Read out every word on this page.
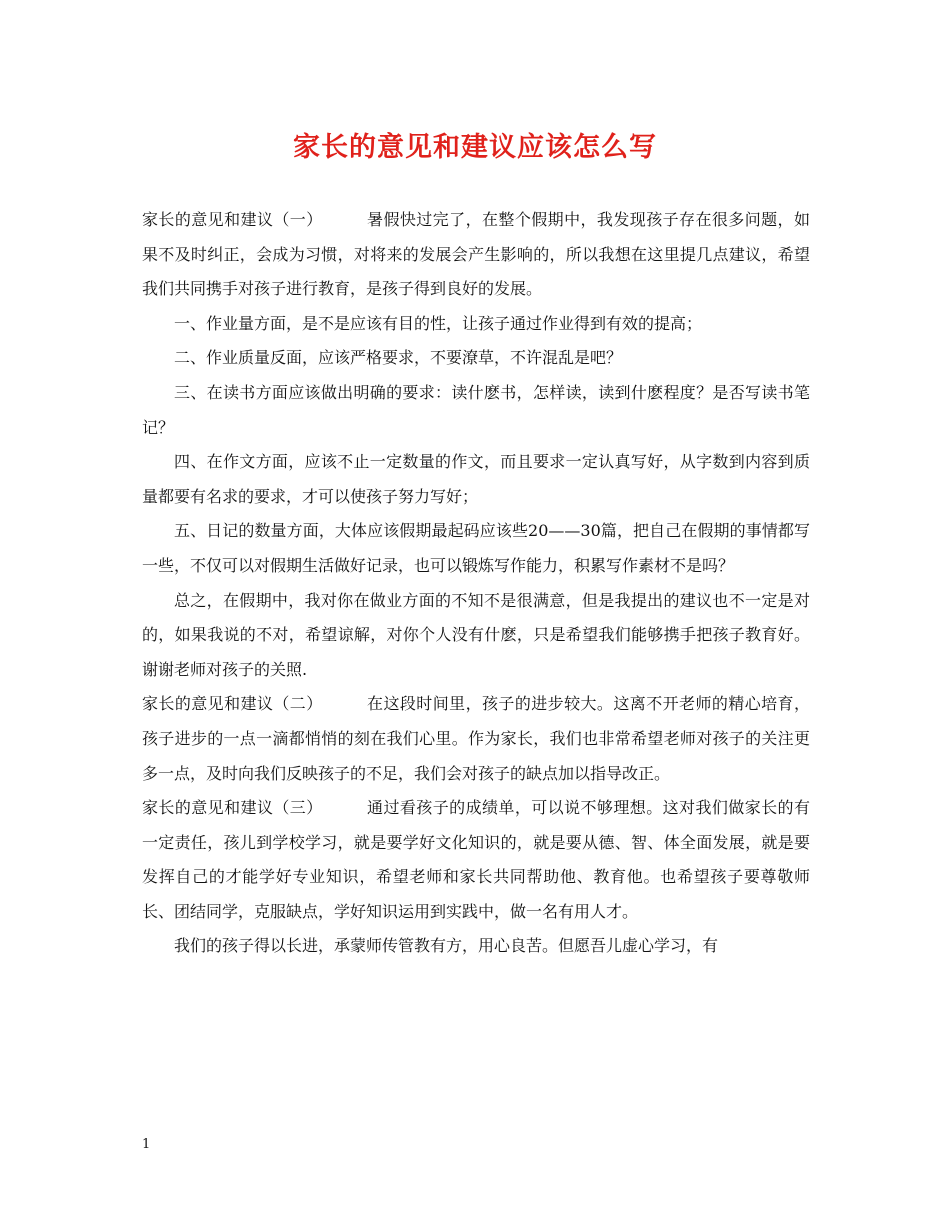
家长的意见和建议应该怎么写

家长的意见和建议（一）	暑假快过完了，在整个假期中，我发现孩子存在很多问题，如果不及时纠正，会成为习惯，对将来的发展会产生影响的，所以我想在这里提几点建议，希望我们共同携手对孩子进行教育，是孩子得到良好的发展。

一、作业量方面，是不是应该有目的性，让孩子通过作业得到有效的提高；

二、作业质量反面，应该严格要求，不要潦草，不许混乱是吧？

三、在读书方面应该做出明确的要求：读什麽书，怎样读，读到什麽程度？是否写读书笔记？

四、在作文方面，应该不止一定数量的作文，而且要求一定认真写好，从字数到内容到质量都要有名求的要求，才可以使孩子努力写好；

五、日记的数量方面，大体应该假期最起码应该些20——30篇，把自己在假期的事情都写一些，不仅可以对假期生活做好记录，也可以锻炼写作能力，积累写作素材不是吗？

总之，在假期中，我对你在做业方面的不知不是很满意，但是我提出的建议也不一定是对的，如果我说的不对，希望谅解，对你个人没有什麽，只是希望我们能够携手把孩子教育好。谢谢老师对孩子的关照.

家长的意见和建议（二）	在这段时间里，孩子的进步较大。这离不开老师的精心培育，孩子进步的一点一滴都悄悄的刻在我们心里。作为家长，我们也非常希望老师对孩子的关注更多一点，及时向我们反映孩子的不足，我们会对孩子的缺点加以指导改正。

家长的意见和建议（三）	通过看孩子的成绩单，可以说不够理想。这对我们做家长的有一定责任，孩儿到学校学习，就是要学好文化知识的，就是要从德、智、体全面发展，就是要发挥自己的才能学好专业知识，希望老师和家长共同帮助他、教育他。也希望孩子要尊敬师长、团结同学，克服缺点，学好知识运用到实践中，做一名有用人才。

我们的孩子得以长进，承蒙师传管教有方，用心良苦。但愿吾儿虚心学习，有

1
